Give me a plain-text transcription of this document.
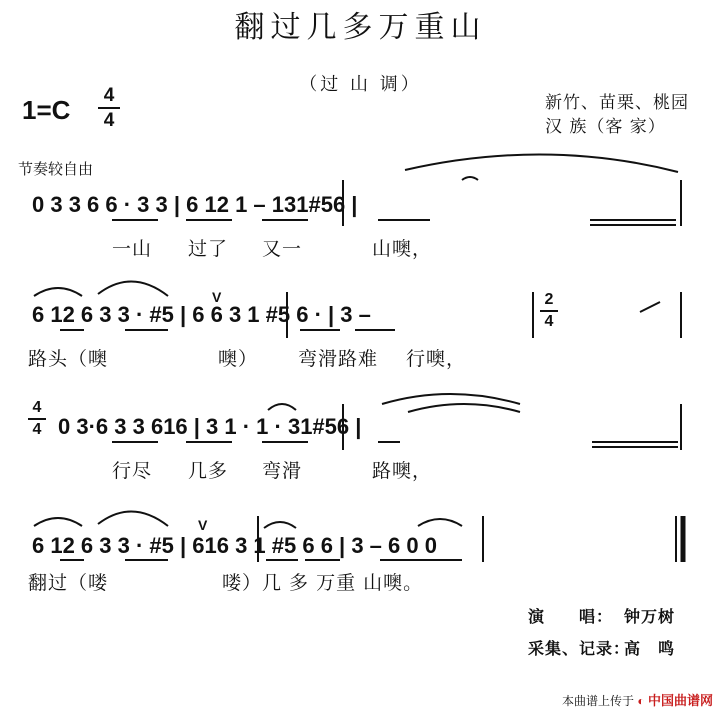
翻过几多万重山
（过 山 调）
1=C	4
4
新竹、苗栗、桃园
汉 族（客 家）
节奏较自由
0 3 3 6 6 · 3 3 | 6 12 1 – 131#56 |
一山 过了 又一	山噢，
6 12 6 3 3 · #5 | 6 6 3 1 #5 6 · | 3 –
2
4
路头（噢	噢） 弯滑路难 行噢，
4
4 0 3·6 3 3 616 | 3 1 · 1 · 31#56 |
行尽 几多 弯滑	路噢，
6 12 6 3 3 · #5 | 616 3 1 #5 6 6 | 3 – 6 0 0
翻过（喽	喽）几 多 万重 山噢。
演　　唱： 钟万树
采集、记录：
高　鸣
本曲谱上传于 ◐ 中国曲谱网
V
V
